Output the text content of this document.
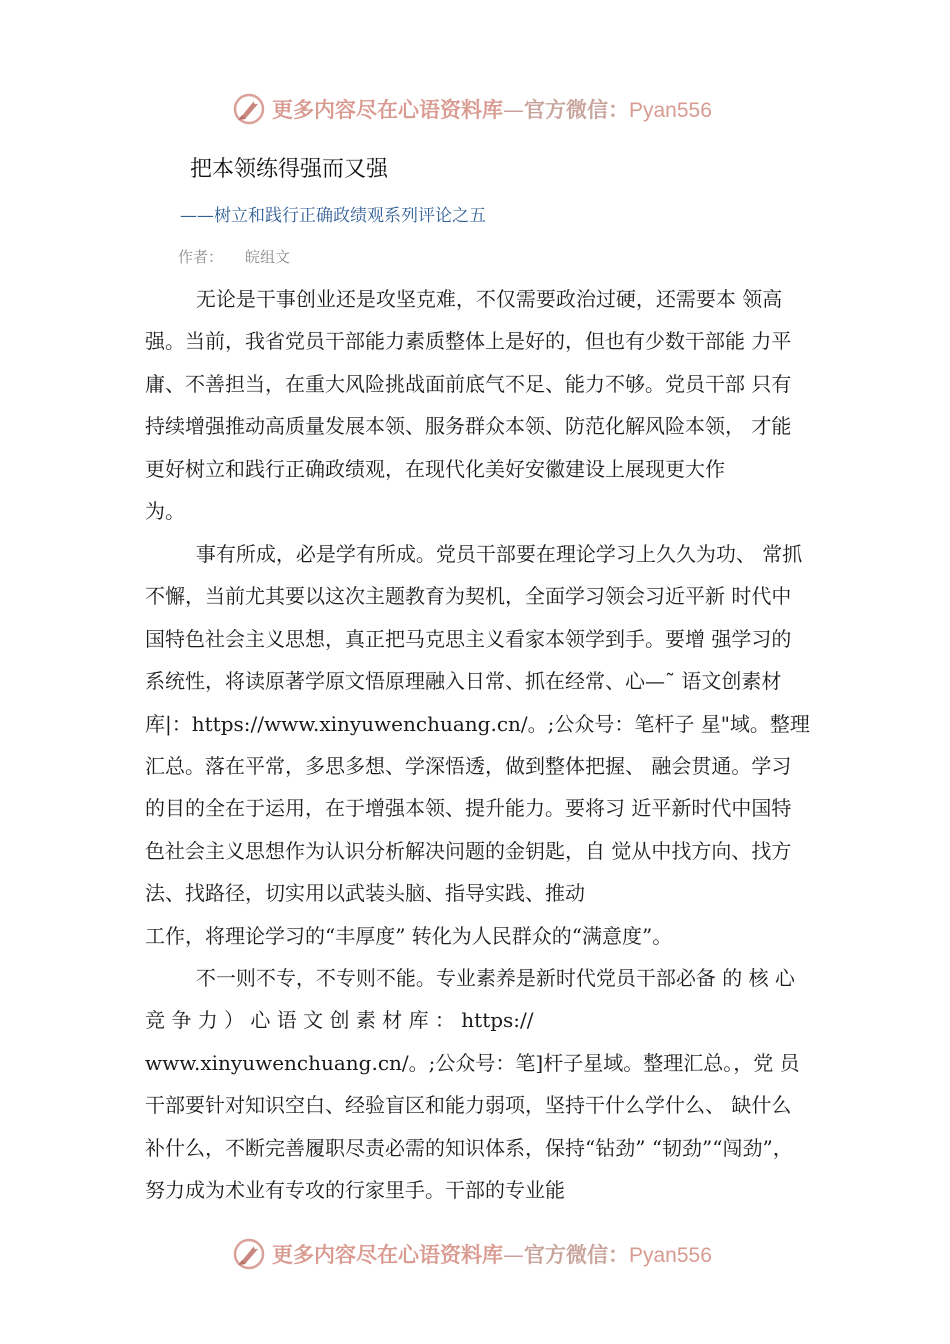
更多内容尽在心语资料库—官方微信：Pyan556
把本领练得强而又强
——树立和践行正确政绩观系列评论之五
作者： 皖组文
无论是干事创业还是攻坚克难，不仅需要政治过硬，还需要本 领高强。当前，我省党员干部能力素质整体上是好的，但也有少数干部能 力平庸、不善担当，在重大风险挑战面前底气不足、能力不够。党员干部 只有持续增强推动高质量发展本领、服务群众本领、防范化解风险本领， 才能更好树立和践行正确政绩观，在现代化美好安徽建设上展现更大作
为。
事有所成，必是学有所成。党员干部要在理论学习上久久为功、 常抓不懈，当前尤其要以这次主题教育为契机，全面学习领会习近平新 时代中国特色社会主义思想，真正把马克思主义看家本领学到手。要增 强学习的系统性，将读原著学原文悟原理融入日常、抓在经常、心—˜ 语文创素材库|：https://www.xinyuwenchuang.cn/。;公众号：笔杆子 星"域。整理汇总。落在平常，多思多想、学深悟透，做到整体把握、 融会贯通。学习的目的全在于运用，在于增强本领、提升能力。要将习 近平新时代中国特色社会主义思想作为认识分析解决问题的金钥匙，自 觉从中找方向、找方法、找路径，切实用以武装头脑、指导实践、推动
工作，将理论学习的“丰厚度” 转化为人民群众的“满意度”。
不一则不专，不专则不能。专业素养是新时代党员干部必备 的 核 心 竞 争 力 ） 心 语 文 创 素 材 库 ： https:// www.xinyuwenchuang.cn/。;公众号：笔]杆子星域。整理汇总。，党 员干部要针对知识空白、经验盲区和能力弱项，坚持干什么学什么、 缺什么补什么，不断完善履职尽责必需的知识体系，保持“钻劲” “韧劲”“闯劲”，努力成为术业有专攻的行家里手。干部的专业能
更多内容尽在心语资料库—官方微信：Pyan556
